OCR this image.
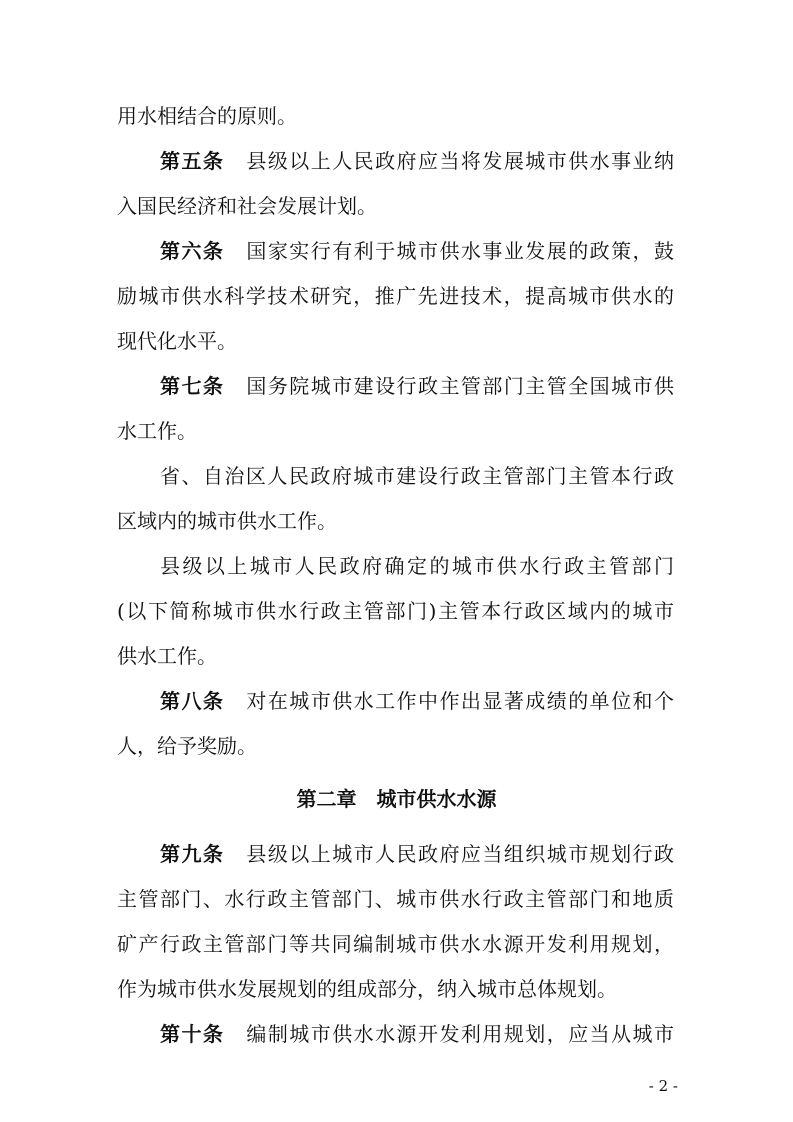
用水相结合的原则。
第五条 县级以上人民政府应当将发展城市供水事业纳
入国民经济和社会发展计划。
第六条 国家实行有利于城市供水事业发展的政策，鼓
励城市供水科学技术研究，推广先进技术，提高城市供水的
现代化水平。
第七条 国务院城市建设行政主管部门主管全国城市供
水工作。
省、自治区人民政府城市建设行政主管部门主管本行政
区域内的城市供水工作。
县级以上城市人民政府确定的城市供水行政主管部门
(以下简称城市供水行政主管部门)主管本行政区域内的城市
供水工作。
第八条 对在城市供水工作中作出显著成绩的单位和个
人，给予奖励。
第二章　城市供水水源
第九条 县级以上城市人民政府应当组织城市规划行政
主管部门、水行政主管部门、城市供水行政主管部门和地质
矿产行政主管部门等共同编制城市供水水源开发利用规划，
作为城市供水发展规划的组成部分，纳入城市总体规划。
第十条 编制城市供水水源开发利用规划，应当从城市
- 2 -
